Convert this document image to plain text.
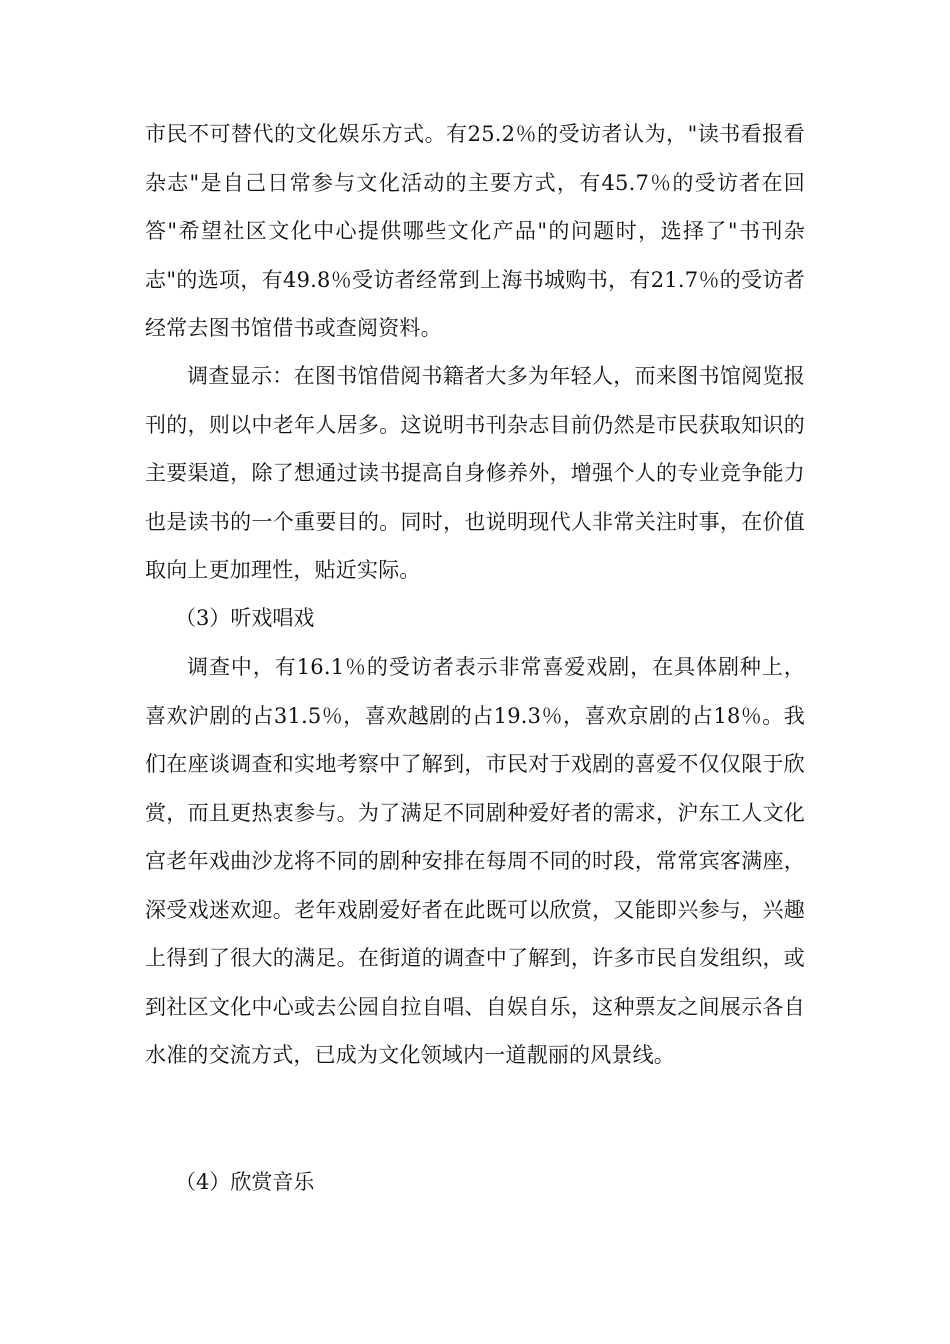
市民不可替代的文化娱乐方式。有25.2％的受访者认为，"读书看报看杂志"是自己日常参与文化活动的主要方式，有45.7％的受访者在回答"希望社区文化中心提供哪些文化产品"的问题时，选择了"书刊杂志"的选项，有49.8％受访者经常到上海书城购书，有21.7％的受访者经常去图书馆借书或查阅资料。

调查显示：在图书馆借阅书籍者大多为年轻人，而来图书馆阅览报刊的，则以中老年人居多。这说明书刊杂志目前仍然是市民获取知识的主要渠道，除了想通过读书提高自身修养外，增强个人的专业竞争能力也是读书的一个重要目的。同时，也说明现代人非常关注时事，在价值取向上更加理性，贴近实际。

（3）听戏唱戏

调查中，有16.1％的受访者表示非常喜爱戏剧，在具体剧种上，喜欢沪剧的占31.5％，喜欢越剧的占19.3％，喜欢京剧的占18％。我们在座谈调查和实地考察中了解到，市民对于戏剧的喜爱不仅仅限于欣赏，而且更热衷参与。为了满足不同剧种爱好者的需求，沪东工人文化宫老年戏曲沙龙将不同的剧种安排在每周不同的时段，常常宾客满座，深受戏迷欢迎。老年戏剧爱好者在此既可以欣赏，又能即兴参与，兴趣上得到了很大的满足。在街道的调查中了解到，许多市民自发组织，或到社区文化中心或去公园自拉自唱、自娱自乐，这种票友之间展示各自水准的交流方式，已成为文化领域内一道靓丽的风景线。

（4）欣赏音乐
